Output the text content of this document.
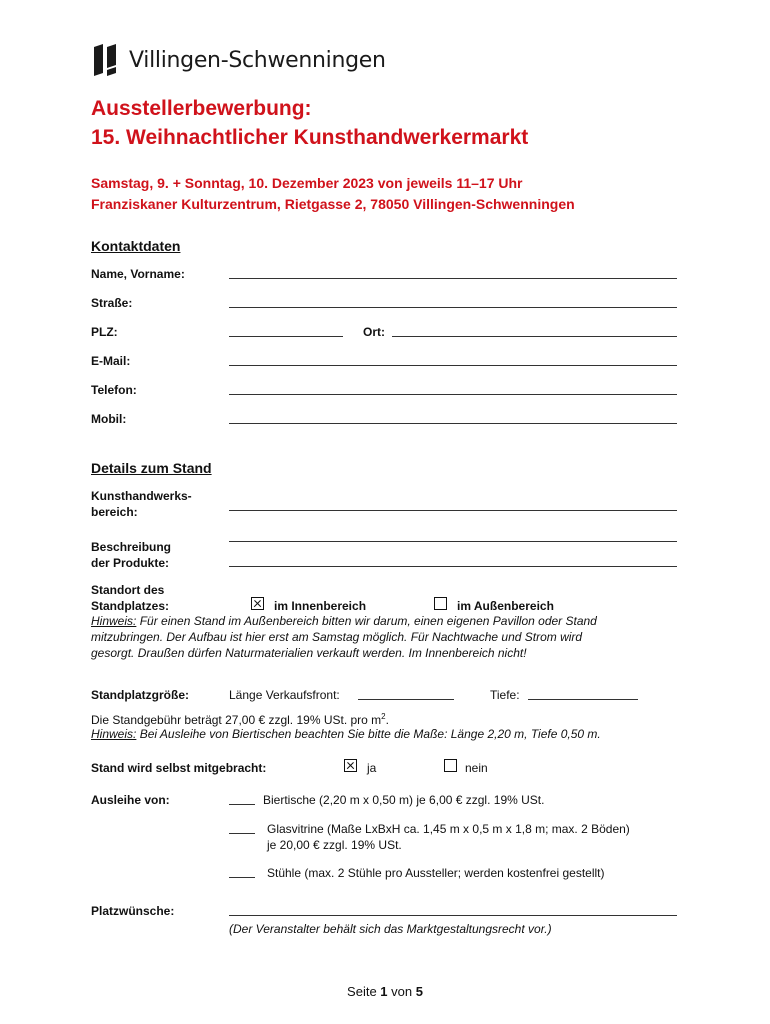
Villingen-Schwenningen
Ausstellerbewerbung:
15. Weihnachtlicher Kunsthandwerkermarkt
Samstag, 9. + Sonntag, 10. Dezember 2023 von jeweils 11–17 Uhr
Franziskaner Kulturzentrum, Rietgasse 2, 78050 Villingen-Schwenningen
Kontaktdaten
Name, Vorname:
Straße:
PLZ:	Ort:
E-Mail:
Telefon:
Mobil:
Details zum Stand
Kunsthandwerks-
bereich:
Beschreibung
der Produkte:
Standort des
Standplatzes:	im Innenbereich	im Außenbereich
Hinweis: Für einen Stand im Außenbereich bitten wir darum, einen eigenen Pavillon oder Stand
mitzubringen. Der Aufbau ist hier erst am Samstag möglich. Für Nachtwache und Strom wird
gesorgt. Draußen dürfen Naturmaterialien verkauft werden. Im Innenbereich nicht!
Standplatzgröße:	Länge Verkaufsfront:	Tiefe:
Die Standgebühr beträgt 27,00 € zzgl. 19% USt. pro $m^2$.
Hinweis: Bei Ausleihe von Biertischen beachten Sie bitte die Maße: Länge 2,20 m, Tiefe 0,50 m.
Stand wird selbst mitgebracht:	ja	nein
Ausleihe von:	Biertische (2,20 m x 0,50 m) je 6,00 € zzgl. 19% USt.
Glasvitrine (Maße LxBxH ca. 1,45 m x 0,5 m x 1,8 m; max. 2 Böden)
je 20,00 € zzgl. 19% USt.
Stühle (max. 2 Stühle pro Aussteller; werden kostenfrei gestellt)
Platzwünsche:
(Der Veranstalter behält sich das Marktgestaltungsrecht vor.)
Seite 1 von 5
